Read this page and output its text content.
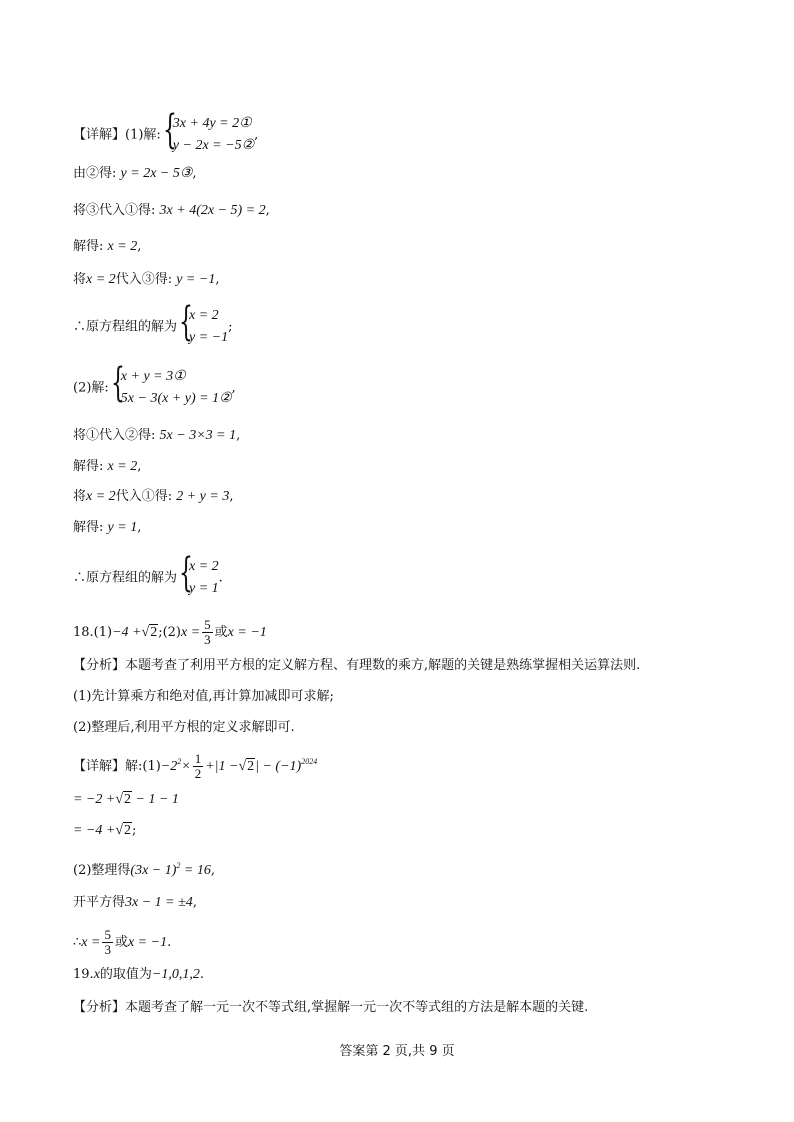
【详解】(1)解: {
3x + 4y = 2①
y − 2x = −5②
,
由②得: y = 2x − 5③,
将③代入①得: 3x + 4(2x − 5) = 2,
解得: x = 2,
将x = 2代入③得: y = −1,
∴原方程组的解为 {
x = 2
y = −1
;
(2)解: {
x + y = 3①
5x − 3(x + y) = 1②
,
将①代入②得: 5x − 3×3 = 1,
解得: x = 2,
将x = 2代入①得: 2 + y = 3,
解得: y = 1,
∴原方程组的解为 {
x = 2
y = 1
.
18.(1)−4 +√2;(2)x = $\frac{5}{3}$ 或x = −1
【分析】本题考查了利用平方根的定义解方程、有理数的乘方,解题的关键是熟练掌握相关运算法则.
(1)先计算乘方和绝对值,再计算加减即可求解;
(2)整理后,利用平方根的定义求解即可.
【详解】解$:(1)-2^2\times \frac{1}{2} +|1 -√2| - (-1)^{2024}$
= −2 +√2 − 1 − 1
= −4 +√2;
(2)整理得$(3x - 1)^2 = 16$,
开平方得3x − 1 = ±4,
∴x = $\frac{5}{3}$ 或x = −1.
19.x的取值为−1,0,1,2.
【分析】本题考查了解一元一次不等式组,掌握解一元一次不等式组的方法是解本题的关键.
答案第 2 页,共 9 页
